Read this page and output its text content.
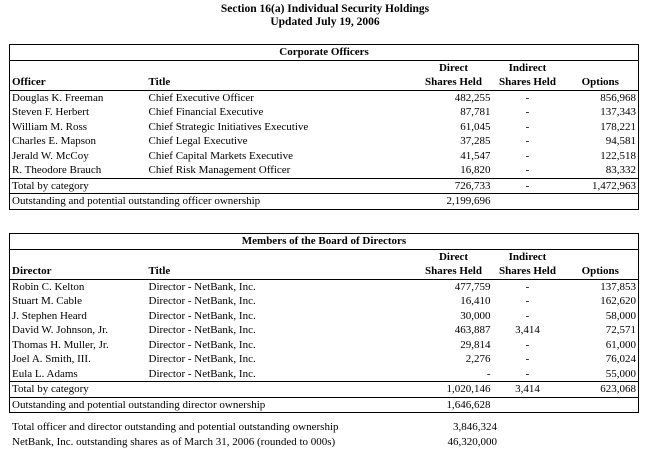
Section 16(a) Individual Security Holdings
Updated July 19, 2006
Corporate Officers				
		Direct	Indirect	
Officer	Title	Shares Held	Shares Held	Options
Douglas K. Freeman	Chief Executive Officer	482,255	-	856,968
Steven F. Herbert	Chief Financial Executive	87,781	-	137,343
William M. Ross	Chief Strategic Initiatives Executive	61,045	-	178,221
Charles E. Mapson	Chief Legal Executive	37,285	-	94,581
Jerald W. McCoy	Chief Capital Markets Executive	41,547	-	122,518
R. Theodore Brauch	Chief Risk Management Officer	16,820	-	83,332
Total by category		726,733	-	1,472,963
Outstanding and potential outstanding officer ownership		2,199,696		
Members of the Board of Directors				
		Direct	Indirect	
Director	Title	Shares Held	Shares Held	Options
Robin C. Kelton	Director - NetBank, Inc.	477,759	-	137,853
Stuart M. Cable	Director - NetBank, Inc.	16,410	-	162,620
J. Stephen Heard	Director - NetBank, Inc.	30,000	-	58,000
David W. Johnson, Jr.	Director - NetBank, Inc.	463,887	3,414	72,571
Thomas H. Muller, Jr.	Director - NetBank, Inc.	29,814	-	61,000
Joel A. Smith, III.	Director - NetBank, Inc.	2,276	-	76,024
Eula L. Adams	Director - NetBank, Inc.	-	-	55,000
Total by category		1,020,146	3,414	623,068
Outstanding and potential outstanding director ownership		1,646,628		
Total officer and director outstanding and potential outstanding ownership	3,846,324
NetBank, Inc. outstanding shares as of March 31, 2006 (rounded to 000s)	46,320,000
